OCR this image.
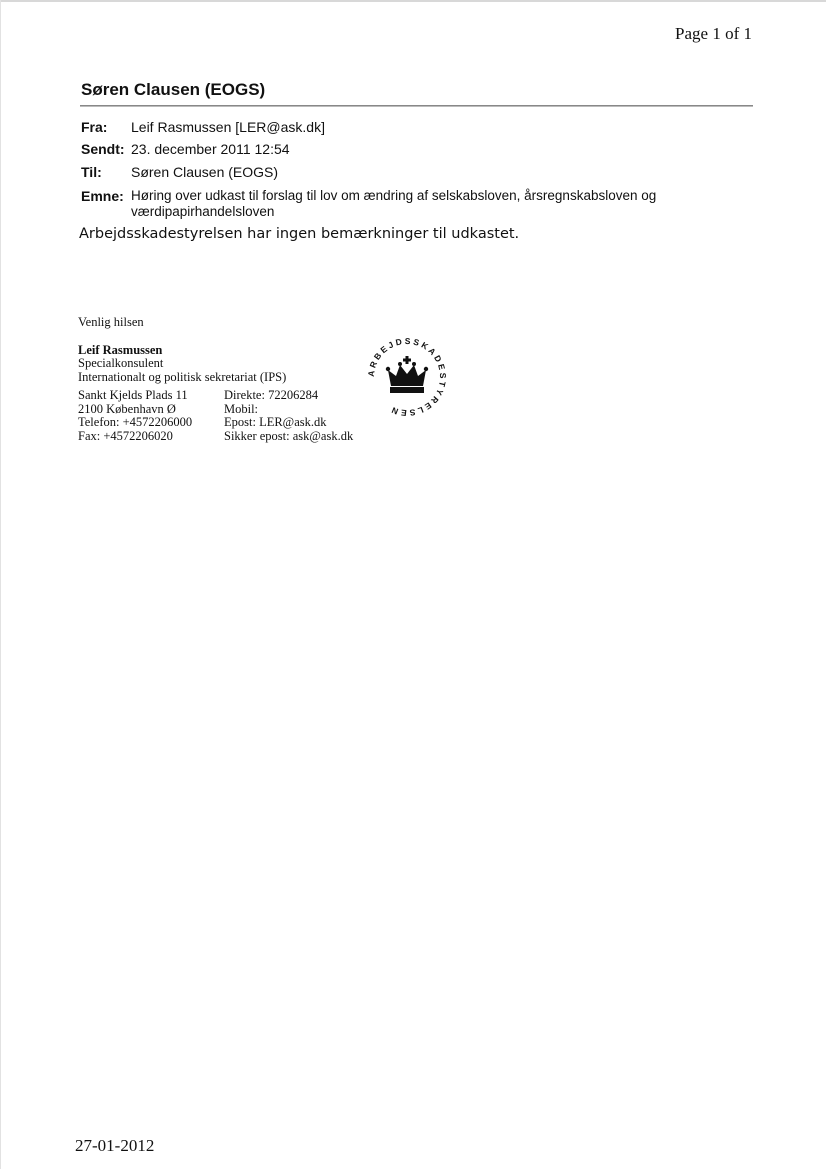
Page 1 of 1
Søren Clausen (EOGS)
Fra: Leif Rasmussen [LER@ask.dk]
Sendt: 23. december 2011 12:54
Til: Søren Clausen (EOGS)
Emne: Høring over udkast til forslag til lov om ændring af selskabsloven, årsregnskabsloven og
værdipapirhandelsloven
Arbejdsskadestyrelsen har ingen bemærkninger til udkastet.
Venlig hilsen
Leif Rasmussen
Specialkonsulent
Internationalt og politisk sekretariat (IPS)
Sankt Kjelds Plads 11
2100 København Ø
Telefon: +4572206000
Fax: +4572206020
Direkte: 72206284
Mobil:
Epost: LER@ask.dk
Sikker epost: ask@ask.dk
ARBEJDSSKADESTYRELSEN
27-01-2012
